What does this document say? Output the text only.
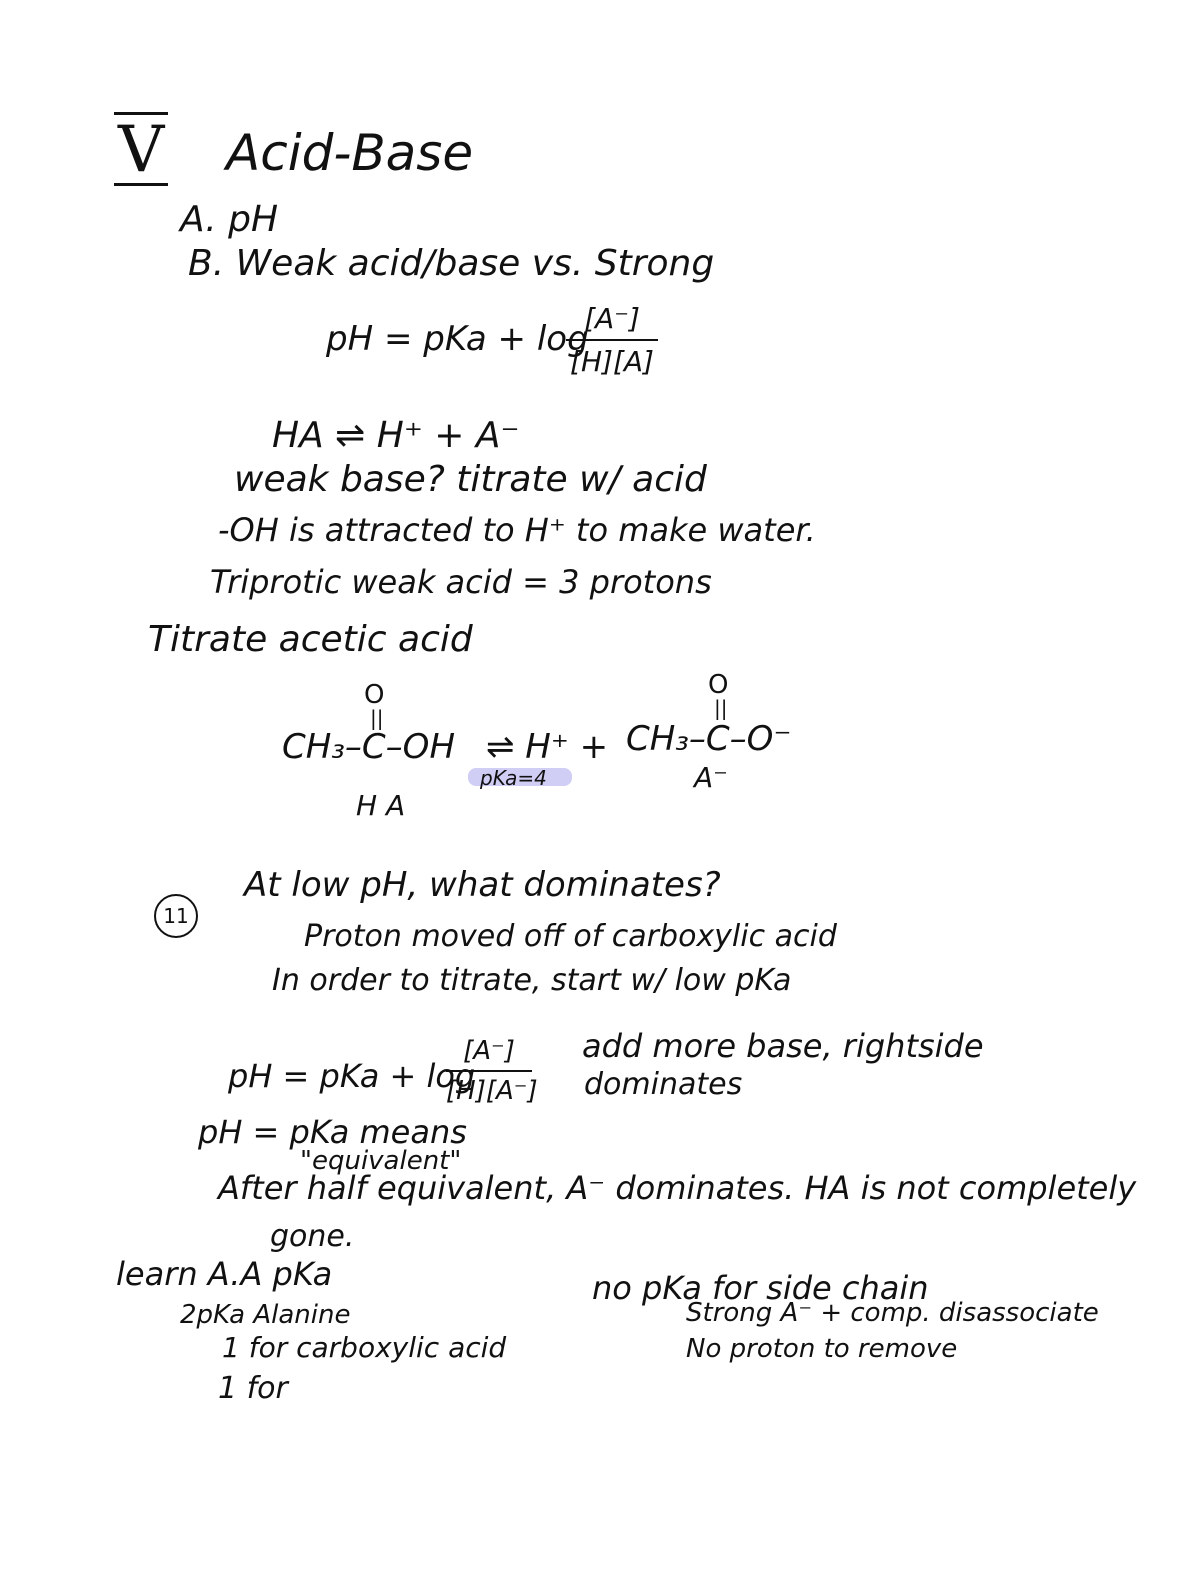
V Acid-Base
A. pH
B. Weak acid/base vs. Strong
pH = pKa + log
[A⁻]
[H][A]
HA ⇌ H⁺ + A⁻
weak base? titrate w/ acid
-OH is attracted to H⁺ to make water.
Triprotic weak acid = 3 protons
Titrate acetic acid
O
||
CH₃–C–OH ⇌ H⁺ +
O
||
CH₃–C–O⁻
H A
pKa=4	A⁻
11
At low pH, what dominates?
Proton moved off of carboxylic acid
In order to titrate, start w/ low pKa
pH = pKa + log
[A⁻]
[H][A⁻]
add more base, rightside
dominates
pH = pKa means
"equivalent"
After half equivalent, A⁻ dominates. HA is not completely
gone.
learn A.A pKa
2pKa Alanine
1 for carboxylic acid
1 for
no pKa for side chain
Strong A⁻ + comp. disassociate
No proton to remove
